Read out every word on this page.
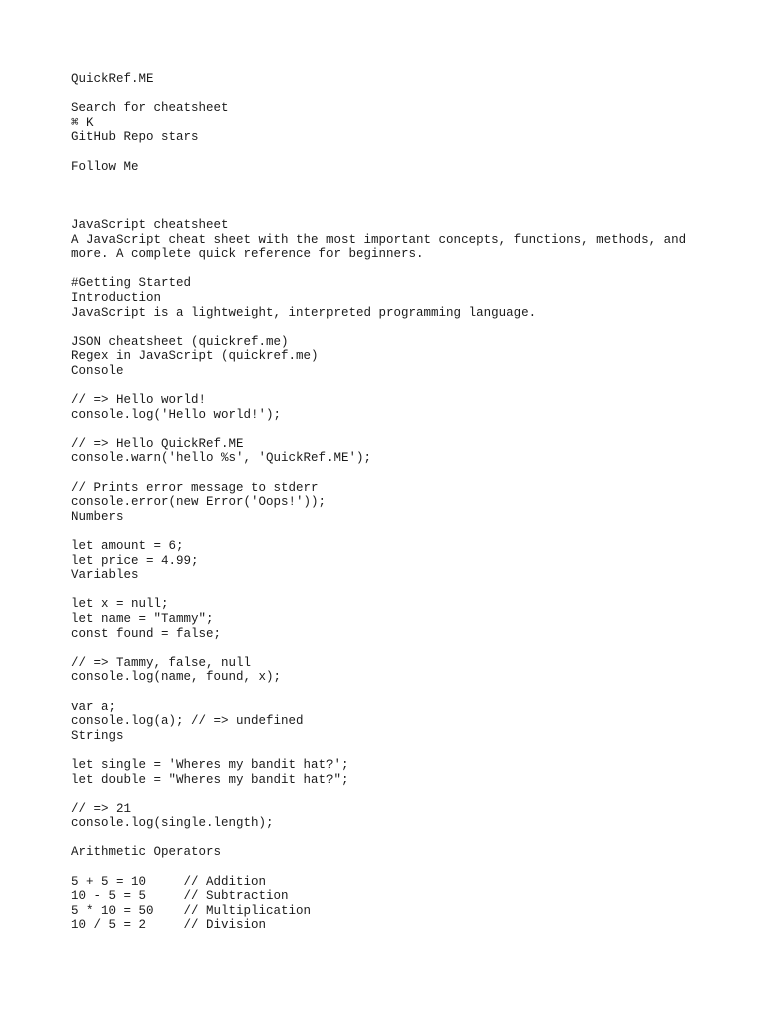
QuickRef.ME
Search for cheatsheet
⌘ K
GitHub Repo stars
Follow Me
JavaScript cheatsheet
A JavaScript cheat sheet with the most important concepts, functions, methods, and more. A complete quick reference for beginners.
#Getting Started
Introduction
JavaScript is a lightweight, interpreted programming language.
JSON cheatsheet (quickref.me)
Regex in JavaScript (quickref.me)
Console
// => Hello world!
console.log('Hello world!');
// => Hello QuickRef.ME
console.warn('hello %s', 'QuickRef.ME');
// Prints error message to stderr
console.error(new Error('Oops!'));
Numbers
let amount = 6;
let price = 4.99;
Variables
let x = null;
let name = "Tammy";
const found = false;
// => Tammy, false, null
console.log(name, found, x);
var a;
console.log(a); // => undefined
Strings
let single = 'Wheres my bandit hat?';
let double = "Wheres my bandit hat?";
// => 21
console.log(single.length);
Arithmetic Operators
5 + 5 = 10     // Addition
10 - 5 = 5     // Subtraction
5 * 10 = 50    // Multiplication
10 / 5 = 2     // Division
